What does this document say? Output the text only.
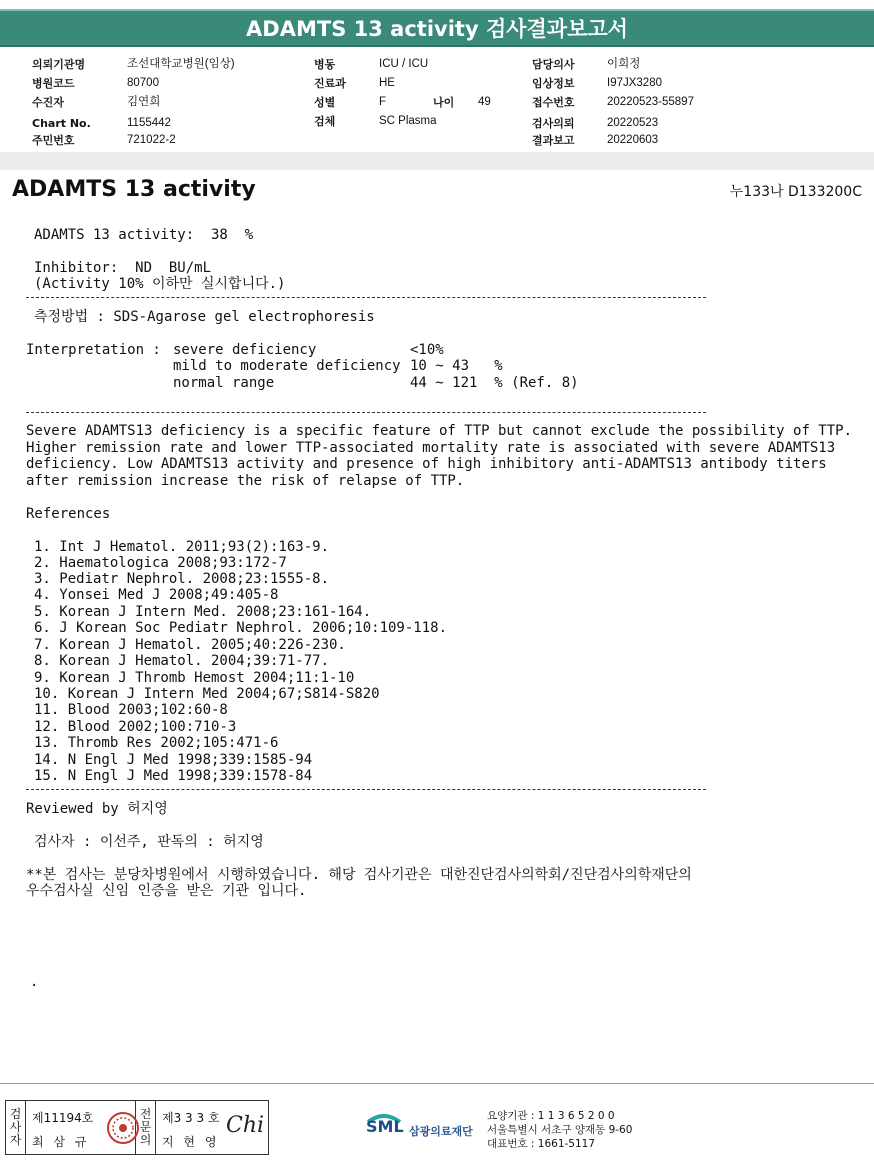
ADAMTS 13 activity 검사결과보고서
의뢰기관명	조선대학교병원(임상)
병원코드	80700
수진자	김연희
Chart No.	1155442
주민번호	721022-2
병동	ICU / ICU
진료과	HE
성별	F	나이 49
검체	SC Plasma
담당의사	이희정
임상정보	I97JX3280
접수번호	20220523-55897
검사의뢰	20220523
결과보고	20220603
ADAMTS 13 activity	누133나 D133200C
ADAMTS 13 activity:  38  %
Inhibitor:  ND  BU/mL
(Activity 10% 이하만 실시합니다.)
측정방법 : SDS-Agarose gel electrophoresis
Interpretation : severe deficiency	<10%
mild to moderate deficiency 10 ~ 43   %
normal range	44 ~ 121  % (Ref. 8)
Severe ADAMTS13 deficiency is a specific feature of TTP but cannot exclude the possibility of TTP.
Higher remission rate and lower TTP-associated mortality rate is associated with severe ADAMTS13
deficiency. Low ADAMTS13 activity and presence of high inhibitory anti-ADAMTS13 antibody titers
after remission increase the risk of relapse of TTP.
References
1. Int J Hematol. 2011;93(2):163-9.
2. Haematologica 2008;93:172-7
3. Pediatr Nephrol. 2008;23:1555-8.
4. Yonsei Med J 2008;49:405-8
5. Korean J Intern Med. 2008;23:161-164.
6. J Korean Soc Pediatr Nephrol. 2006;10:109-118.
7. Korean J Hematol. 2005;40:226-230.
8. Korean J Hematol. 2004;39:71-77.
9. Korean J Thromb Hemost 2004;11:1-10
10. Korean J Intern Med 2004;67;S814-S820
11. Blood 2003;102:60-8
12. Blood 2002;100:710-3
13. Thromb Res 2002;105:471-6
14. N Engl J Med 1998;339:1585-94
15. N Engl J Med 1998;339:1578-84
Reviewed by 허지영
검사자 : 이선주, 판독의 : 허지영
**본 검사는 분당차병원에서 시행하였습니다. 해당 검사기관은 대한진단검사의학회/진단검사의학재단의
우수검사실 신임 인증을 받은 기관 입니다.
.
검사자
제11194호
최 삼 규
전문의
제3 3 3 호
지 현 영
Chi	SML 삼광의료재단
요양기관 : 1 1 3 6 5 2 0 0
서울특별시 서초구 양재동 9-60
대표번호 : 1661-5117
